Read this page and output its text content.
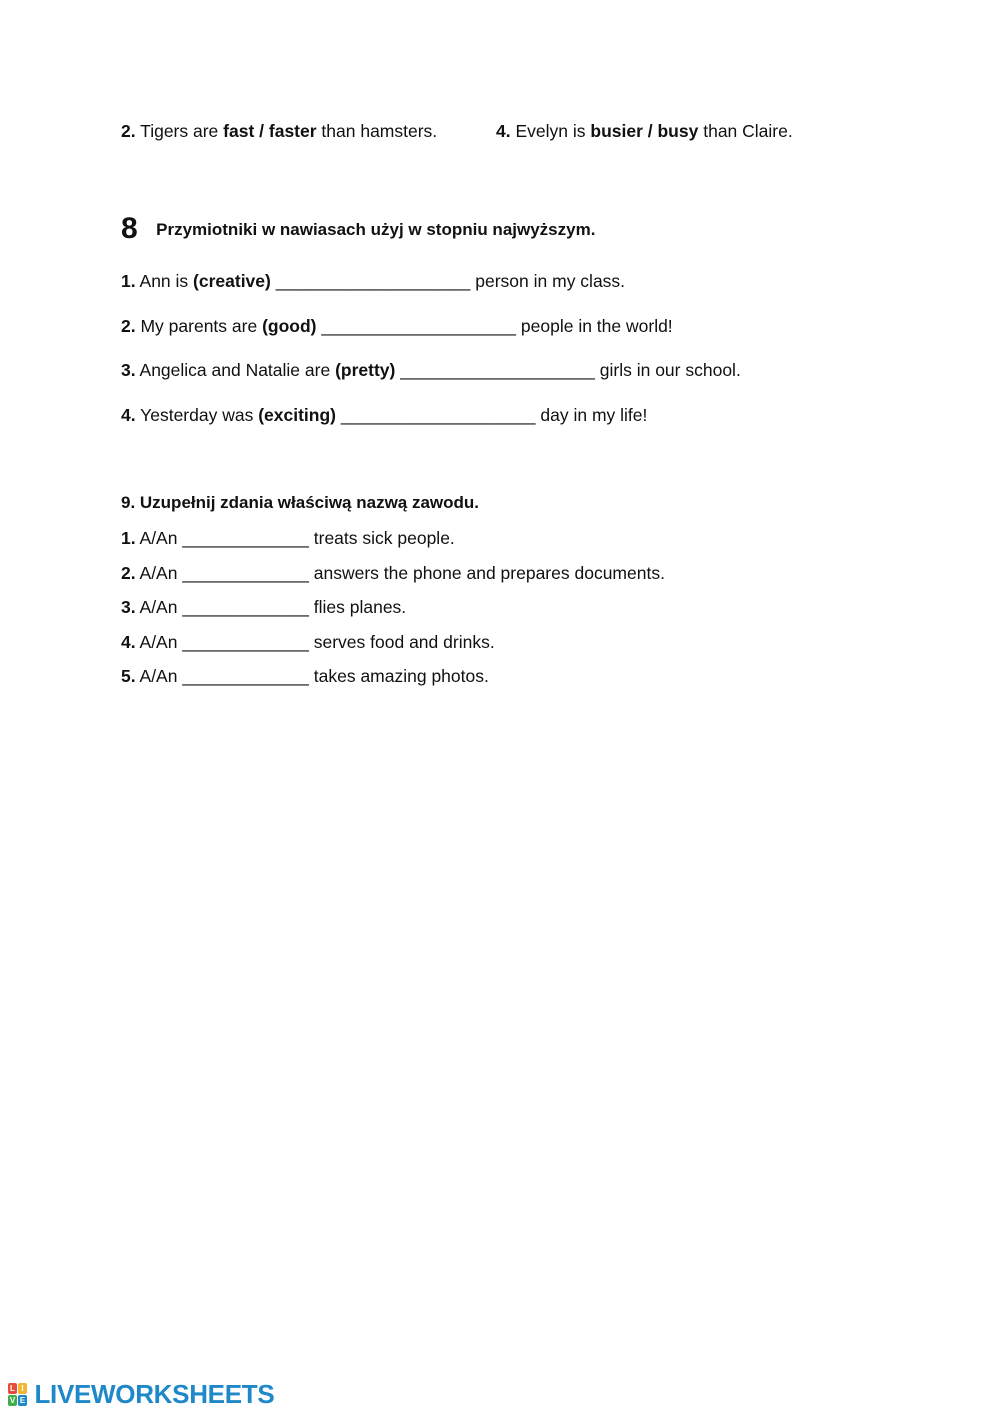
2. Tigers are fast / faster than hamsters.	4. Evelyn is busier / busy than Claire.
8 Przymiotniki w nawiasach użyj w stopniu najwyższym.
1. Ann is (creative) ____________________ person in my class.
2. My parents are (good) ____________________ people in the world!
3. Angelica and Natalie are (pretty) ____________________ girls in our school.
4. Yesterday was (exciting) ____________________ day in my life!
9. Uzupełnij zdania właściwą nazwą zawodu.
1. A/An _____________ treats sick people.
2. A/An _____________ answers the phone and prepares documents.
3. A/An _____________ flies planes.
4. A/An _____________ serves food and drinks.
5. A/An _____________ takes amazing photos.
L I
V E LIVEWORKSHEETS
